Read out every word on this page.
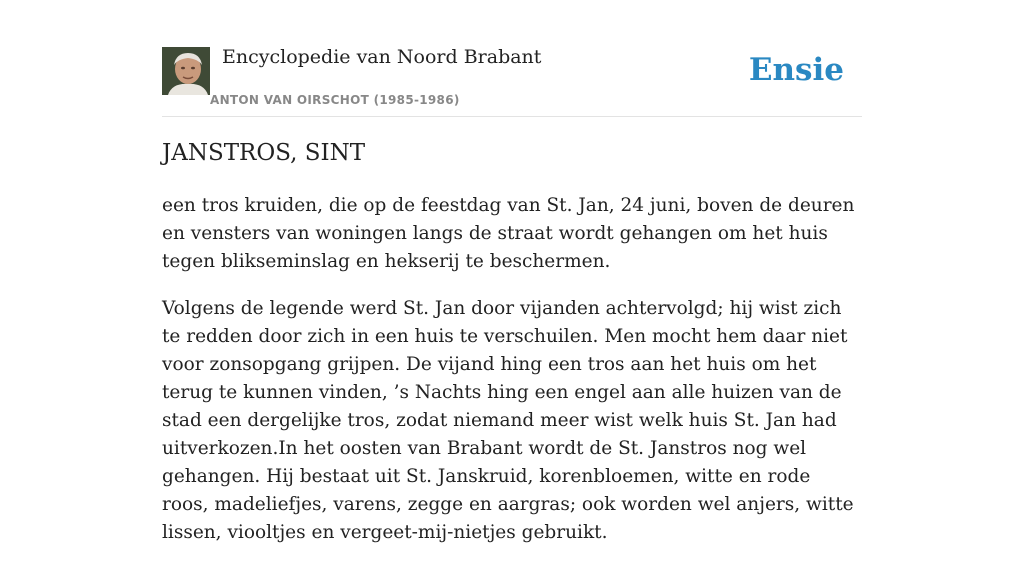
Encyclopedie van Noord Brabant
ANTON VAN OIRSCHOT (1985-1986)
Ensie
JANSTROS, SINT

een tros kruiden, die op de feestdag van St. Jan, 24 juni, boven de deuren en vensters van woningen langs de straat wordt gehangen om het huis tegen blikseminslag en hekserij te beschermen.

Volgens de legende werd St. Jan door vijanden achtervolgd; hij wist zich te redden door zich in een huis te verschuilen. Men mocht hem daar niet voor zonsopgang grijpen. De vijand hing een tros aan het huis om het terug te kunnen vinden, ’s Nachts hing een engel aan alle huizen van de stad een dergelijke tros, zodat niemand meer wist welk huis St. Jan had uitverkozen.In het oosten van Brabant wordt de St. Janstros nog wel gehangen. Hij bestaat uit St. Janskruid, korenbloemen, witte en rode roos, madeliefjes, varens, zegge en aargras; ook worden wel anjers, witte lissen, viooltjes en vergeet-mij-nietjes gebruikt.
